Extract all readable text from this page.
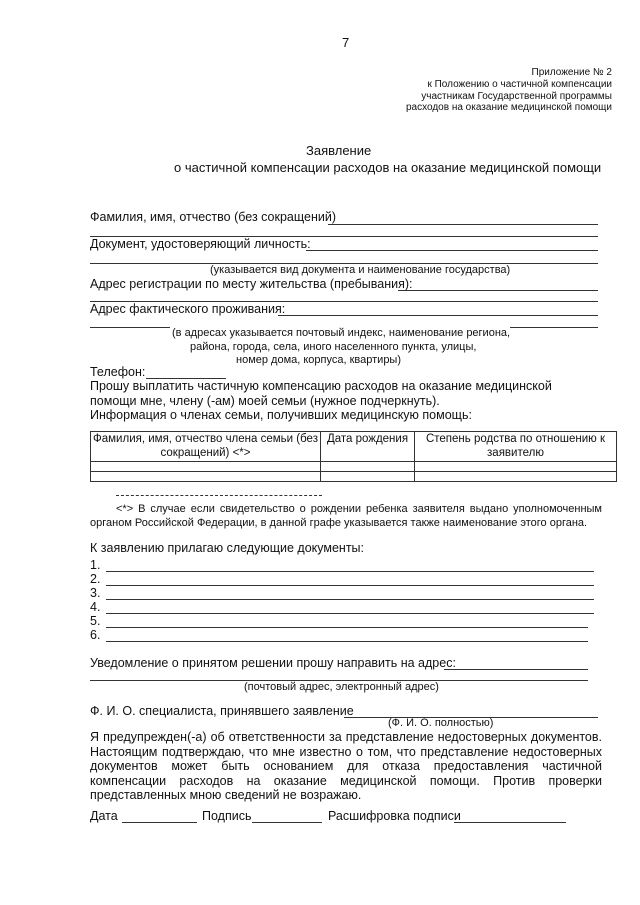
7
Приложение № 2
к Положению о частичной компенсации
участникам Государственной программы
расходов на оказание медицинской помощи
Заявление
о частичной компенсации расходов на оказание медицинской помощи
Фамилия, имя, отчество (без сокращений)
Документ, удостоверяющий личность:
(указывается вид документа и наименование государства)
Адрес регистрации по месту жительства (пребывания):
Адрес фактического проживания:
(в адресах указывается почтовый индекс, наименование региона,
района, города, села, иного населенного пункта, улицы,
номер дома, корпуса, квартиры)
Телефон:
Прошу выплатить частичную компенсацию расходов на оказание медицинской
помощи мне, члену (-ам) моей семьи (нужное подчеркнуть).
Информация о членах семьи, получивших медицинскую помощь:
Фамилия, имя, отчество члена семьи (без сокращений) <*>	Дата рождения	Степень родства по отношению к заявителю

<*> В случае если свидетельство о рождении ребенка заявителя выдано уполномоченным органом Российской Федерации, в данной графе указывается также наименование этого органа.
К заявлению прилагаю следующие документы:
1.
2.
3.
4.
5.
6.
Уведомление о принятом решении прошу направить на адрес:
(почтовый адрес, электронный адрес)
Ф. И. О. специалиста, принявшего заявление
(Ф. И. О. полностью)
Я предупрежден(-а) об ответственности за представление недостоверных документов. Настоящим подтверждаю, что мне известно о том, что представление недостоверных документов может быть основанием для отказа предоставления частичной компенсации расходов на оказание медицинской помощи. Против проверки представленных мною сведений не возражаю.
Дата	Подпись	Расшифровка подписи
